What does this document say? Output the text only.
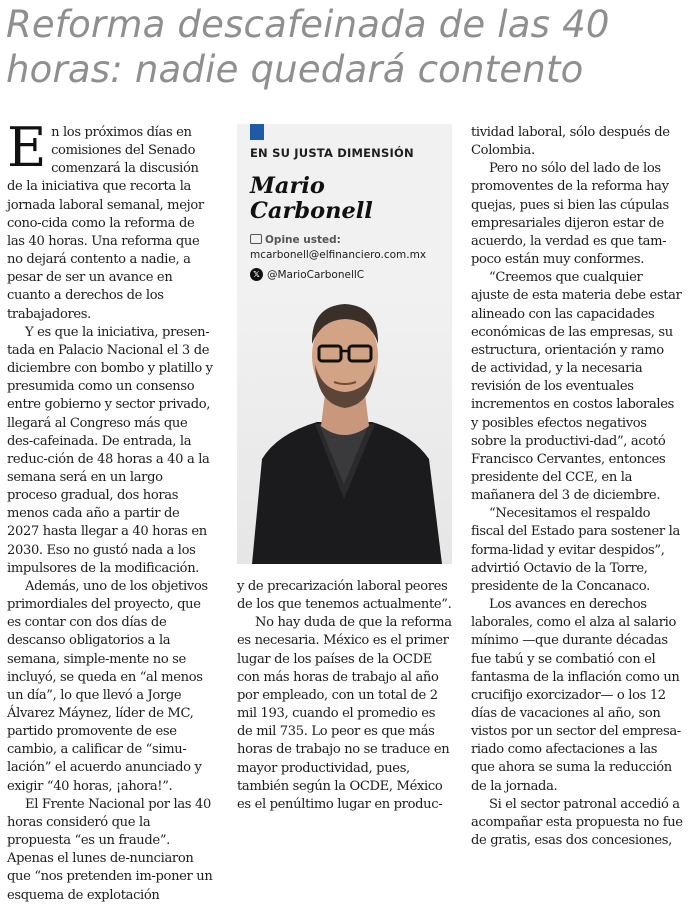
Reforma descafeinada de las 40 horas: nadie quedará contento

En los próximos días en comisiones del Senado comenzará la discusión de la iniciativa que recorta la jornada laboral semanal, mejor cono-cida como la reforma de las 40 horas. Una reforma que no dejará contento a nadie, a pesar de ser un avance en cuanto a derechos de los trabajadores.

Y es que la iniciativa, presen-tada en Palacio Nacional el 3 de diciembre con bombo y platillo y presumida como un consenso entre gobierno y sector privado, llegará al Congreso más que des-cafeinada. De entrada, la reduc-ción de 48 horas a 40 a la semana será en un largo proceso gradual, dos horas menos cada año a partir de 2027 hasta llegar a 40 horas en 2030. Eso no gustó nada a los impulsores de la modificación.

Además, uno de los objetivos primordiales del proyecto, que es contar con dos días de descanso obligatorios a la semana, simple-mente no se incluyó, se queda en “al menos un día”, lo que llevó a Jorge Álvarez Máynez, líder de MC, partido promovente de ese cambio, a calificar de “simu-lación” el acuerdo anunciado y exigir “40 horas, ¡ahora!”.

El Frente Nacional por las 40 horas consideró que la propuesta “es un fraude”. Apenas el lunes de-nunciaron que “nos pretenden im-poner un esquema de explotación

EN SU JUSTA DIMENSIÓN
Mario
Carbonell
Opine usted:
mcarbonell@elfinanciero.com.mx
𝕏 @MarioCarbonellC

y de precarización laboral peores de los que tenemos actualmente”.

No hay duda de que la reforma es necesaria. México es el primer lugar de los países de la OCDE con más horas de trabajo al año por empleado, con un total de 2 mil 193, cuando el promedio es de mil 735. Lo peor es que más horas de trabajo no se traduce en mayor productividad, pues, también según la OCDE, México es el penúltimo lugar en produc-

tividad laboral, sólo después de Colombia.

Pero no sólo del lado de los promoventes de la reforma hay quejas, pues si bien las cúpulas empresariales dijeron estar de acuerdo, la verdad es que tam-poco están muy conformes.

“Creemos que cualquier ajuste de esta materia debe estar alineado con las capacidades económicas de las empresas, su estructura, orientación y ramo de actividad, y la necesaria revisión de los eventuales incrementos en costos laborales y posibles efectos negativos sobre la productivi-dad”, acotó Francisco Cervantes, entonces presidente del CCE, en la mañanera del 3 de diciembre.

“Necesitamos el respaldo fiscal del Estado para sostener la forma-lidad y evitar despidos”, advirtió Octavio de la Torre, presidente de la Concanaco.

Los avances en derechos laborales, como el alza al salario mínimo —que durante décadas fue tabú y se combatió con el fantasma de la inflación como un crucifijo exorcizador— o los 12 días de vacaciones al año, son vistos por un sector del empresa-riado como afectaciones a las que ahora se suma la reducción de la jornada.

Si el sector patronal accedió a acompañar esta propuesta no fue de gratis, esas dos concesiones,
